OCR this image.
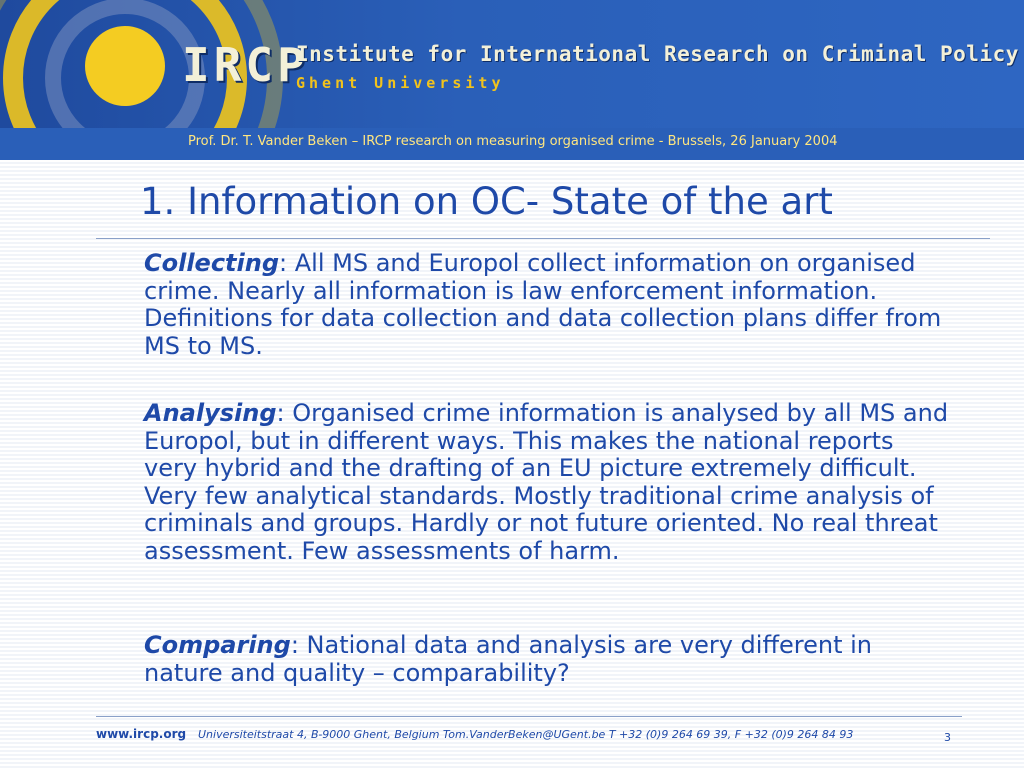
IRCP
Institute for International Research on Criminal Policy
Ghent University
Prof. Dr. T. Vander Beken – IRCP research on measuring organised crime - Brussels, 26 January 2004
1. Information on OC- State of the art
Collecting: All MS and Europol collect information on organised crime. Nearly all information is law enforcement information. Definitions for data collection and data collection plans differ from MS to MS.
Analysing: Organised crime information is analysed by all MS and Europol, but in different ways. This makes the national reports very hybrid and the drafting of an EU picture extremely difficult. Very few analytical standards. Mostly traditional crime analysis of criminals and groups. Hardly or not future oriented. No real threat assessment. Few assessments of harm.
Comparing: National data and analysis are very different in nature and quality – comparability?
www.ircp.org Universiteitstraat 4, B-9000 Ghent, Belgium Tom.VanderBeken@UGent.be T +32 (0)9 264 69 39, F +32 (0)9 264 84 93	3
